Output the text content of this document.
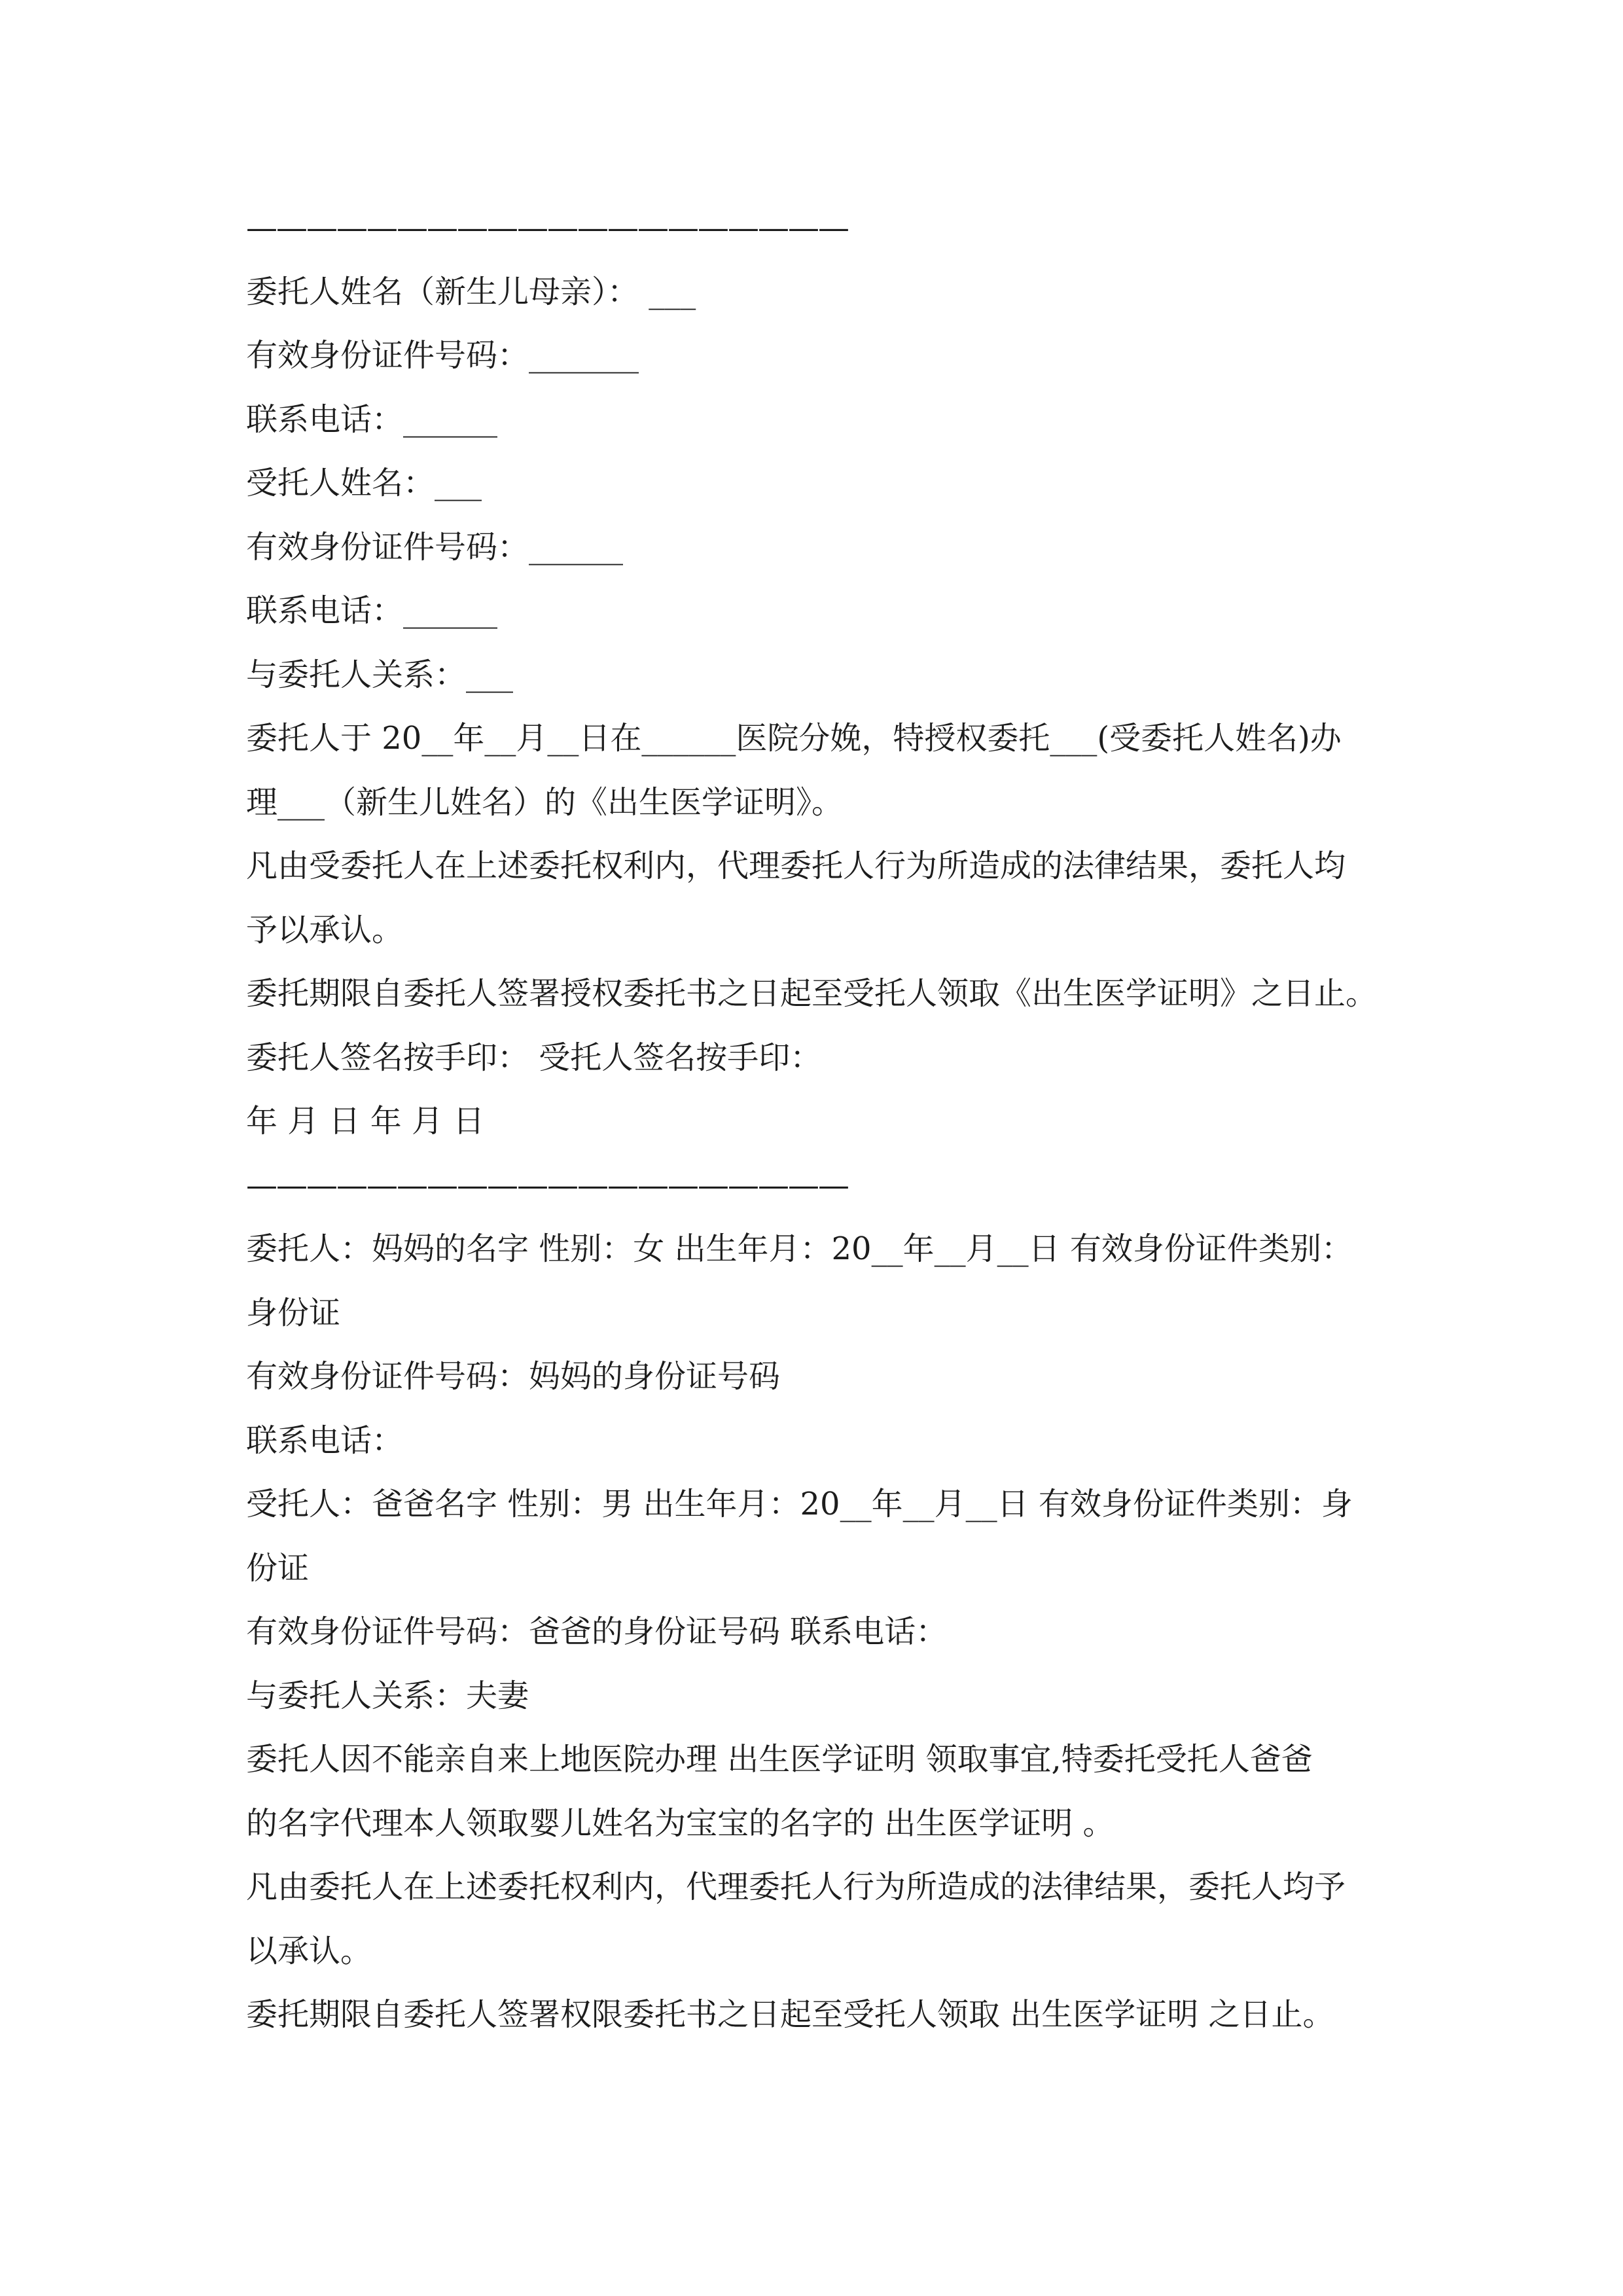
————————————————————
委托人姓名（新生儿母亲）： ___
有效身份证件号码：_______
联系电话：______
受托人姓名：___
有效身份证件号码：______
联系电话：______
与委托人关系：___
委托人于 20__年__月__日在______医院分娩，特授权委托___(受委托人姓名)办
理___（新生儿姓名）的《出生医学证明》。
凡由受委托人在上述委托权利内，代理委托人行为所造成的法律结果，委托人均
予以承认。
委托期限自委托人签署授权委托书之日起至受托人领取《出生医学证明》之日止。
委托人签名按手印： 受托人签名按手印：
年 月 日 年 月 日
————————————————————
委托人：妈妈的名字 性别：女 出生年月：20__年__月__日 有效身份证件类别：
身份证
有效身份证件号码：妈妈的身份证号码
联系电话：
受托人：爸爸名字 性别：男 出生年月：20__年__月__日 有效身份证件类别：身
份证
有效身份证件号码：爸爸的身份证号码 联系电话：
与委托人关系：夫妻
委托人因不能亲自来上地医院办理 出生医学证明 领取事宜,特委托受托人爸爸
的名字代理本人领取婴儿姓名为宝宝的名字的 出生医学证明 。
凡由委托人在上述委托权利内，代理委托人行为所造成的法律结果，委托人均予
以承认。
委托期限自委托人签署权限委托书之日起至受托人领取 出生医学证明 之日止。
